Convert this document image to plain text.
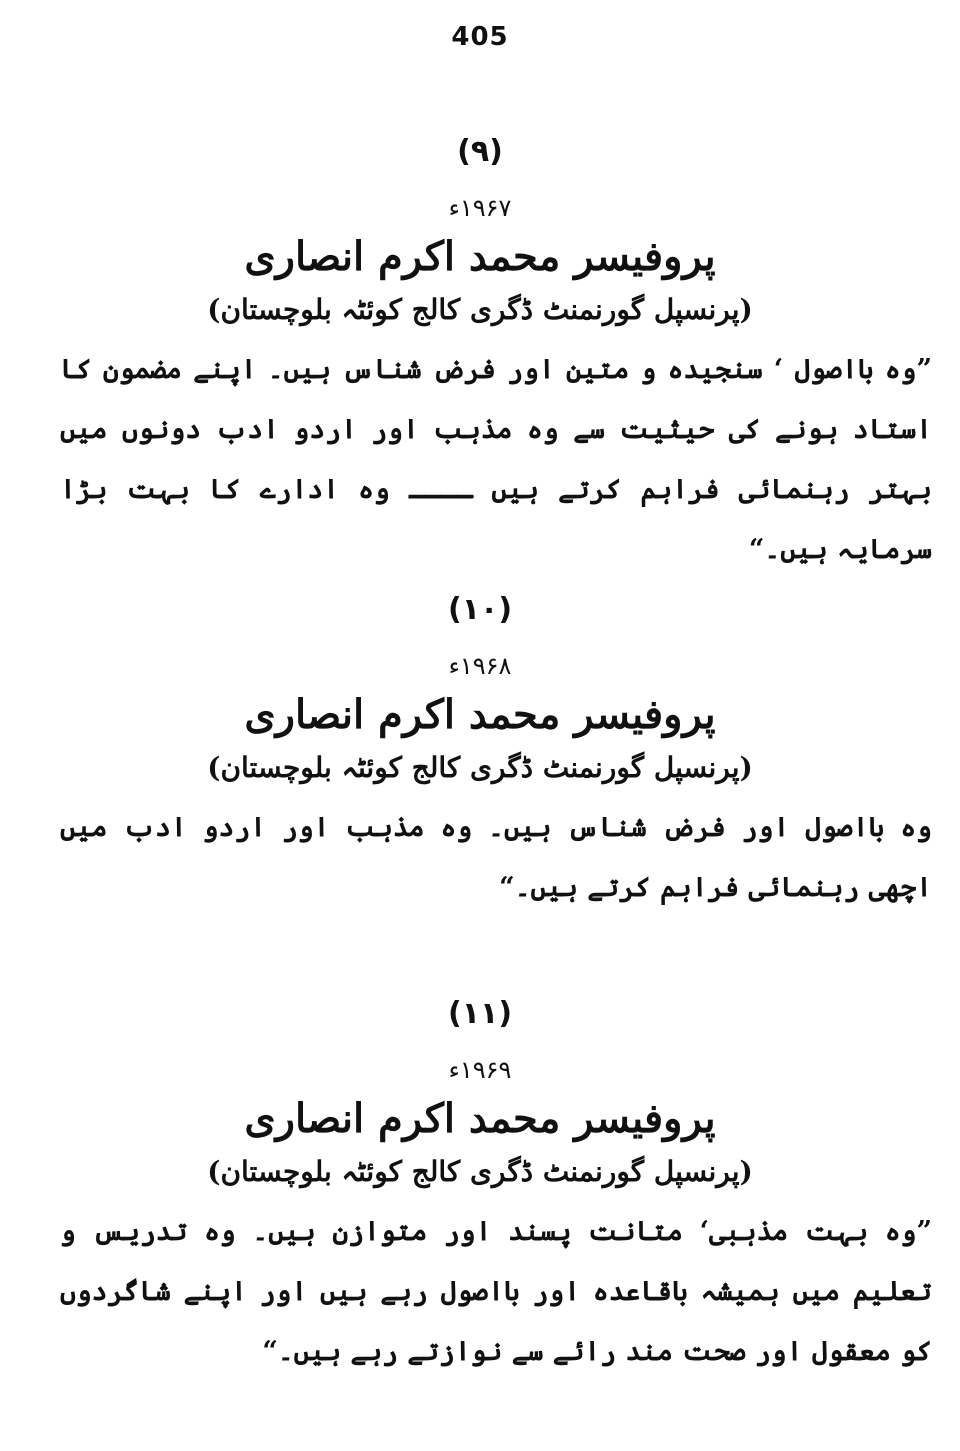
405
(۹)
۱۹۶۷ء
پروفیسر محمد اکرم انصاری
(پرنسپل گورنمنٹ ڈگری کالج کوئٹہ بلوچستان)
”وہ بااصول ‘ سنجیدہ و متین اور فرض شناس ہیں۔ اپنے مضمون کا استاد ہونے کی حیثیت سے وہ مذہب اور اردو ادب دونوں میں بہتر رہنمائی فراہم کرتے ہیں ــــ وہ ادارے کا بہت بڑا سرمایہ ہیں۔“
(۱۰)
۱۹۶۸ء
پروفیسر محمد اکرم انصاری
(پرنسپل گورنمنٹ ڈگری کالج کوئٹہ بلوچستان)
وہ بااصول اور فرض شناس ہیں۔ وہ مذہب اور اردو ادب میں اچھی رہنمائی فراہم کرتے ہیں۔“
(۱۱)
۱۹۶۹ء
پروفیسر محمد اکرم انصاری
(پرنسپل گورنمنٹ ڈگری کالج کوئٹہ بلوچستان)
”وہ بہت مذہبی‘ متانت پسند اور متوازن ہیں۔ وہ تدریس و تعلیم میں ہمیشہ باقاعدہ اور بااصول رہے ہیں اور اپنے شاگردوں کو معقول اور صحت مند رائے سے نوازتے رہے ہیں۔“
